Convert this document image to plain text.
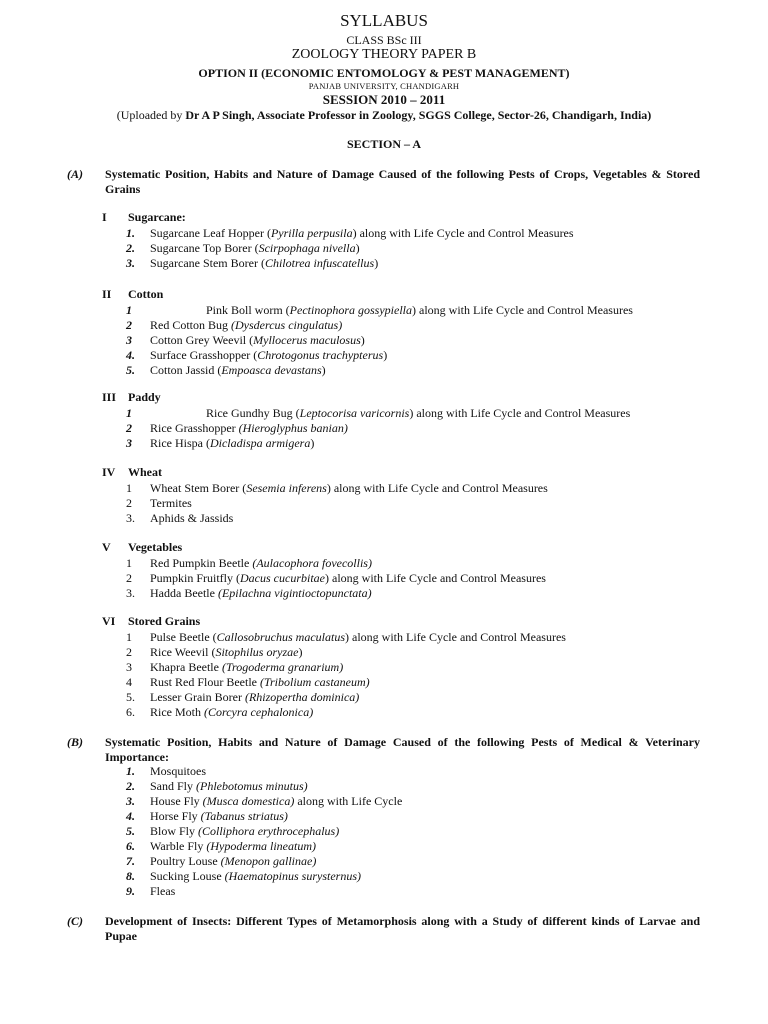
SYLLABUS
CLASS BSc III
ZOOLOGY THEORY PAPER B
OPTION II (ECONOMIC ENTOMOLOGY & PEST MANAGEMENT)
PANJAB UNIVERSITY, CHANDIGARH
SESSION 2010 – 2011
(Uploaded by Dr A P Singh, Associate Professor in Zoology, SGGS College, Sector-26, Chandigarh, India)
SECTION – A
(A) Systematic Position, Habits and Nature of Damage Caused of the following Pests of Crops, Vegetables & Stored Grains
I Sugarcane:
1. Sugarcane Leaf Hopper (Pyrilla perpusila) along with Life Cycle and Control Measures
2. Sugarcane Top Borer (Scirpophaga nivella)
3. Sugarcane Stem Borer (Chilotrea infuscatellus)
II Cotton
1	Pink Boll worm (Pectinophora gossypiella) along with Life Cycle and Control Measures
2 Red Cotton Bug (Dysdercus cingulatus)
3 Cotton Grey Weevil (Myllocerus maculosus)
4. Surface Grasshopper (Chrotogonus trachypterus)
5. Cotton Jassid (Empoasca devastans)
III Paddy
1	Rice Gundhy Bug (Leptocorisa varicornis) along with Life Cycle and Control Measures
2 Rice Grasshopper (Hieroglyphus banian)
3 Rice Hispa (Dicladispa armigera)
IV Wheat
1 Wheat Stem Borer (Sesemia inferens) along with Life Cycle and Control Measures
2 Termites
3. Aphids & Jassids
V Vegetables
1 Red Pumpkin Beetle (Aulacophora fovecollis)
2 Pumpkin Fruitfly (Dacus cucurbitae) along with Life Cycle and Control Measures
3. Hadda Beetle (Epilachna vigintioctopunctata)
VI Stored Grains
1 Pulse Beetle (Callosobruchus maculatus) along with Life Cycle and Control Measures
2 Rice Weevil (Sitophilus oryzae)
3 Khapra Beetle (Trogoderma granarium)
4 Rust Red Flour Beetle (Tribolium castaneum)
5. Lesser Grain Borer (Rhizopertha dominica)
6. Rice Moth (Corcyra cephalonica)
(B) Systematic Position, Habits and Nature of Damage Caused of the following Pests of Medical & Veterinary Importance:
1. Mosquitoes
2. Sand Fly (Phlebotomus minutus)
3. House Fly (Musca domestica) along with Life Cycle
4. Horse Fly (Tabanus striatus)
5. Blow Fly (Colliphora erythrocephalus)
6. Warble Fly (Hypoderma lineatum)
7. Poultry Louse (Menopon gallinae)
8. Sucking Louse (Haematopinus surysternus)
9. Fleas
(C) Development of Insects: Different Types of Metamorphosis along with a Study of different kinds of Larvae and Pupae
